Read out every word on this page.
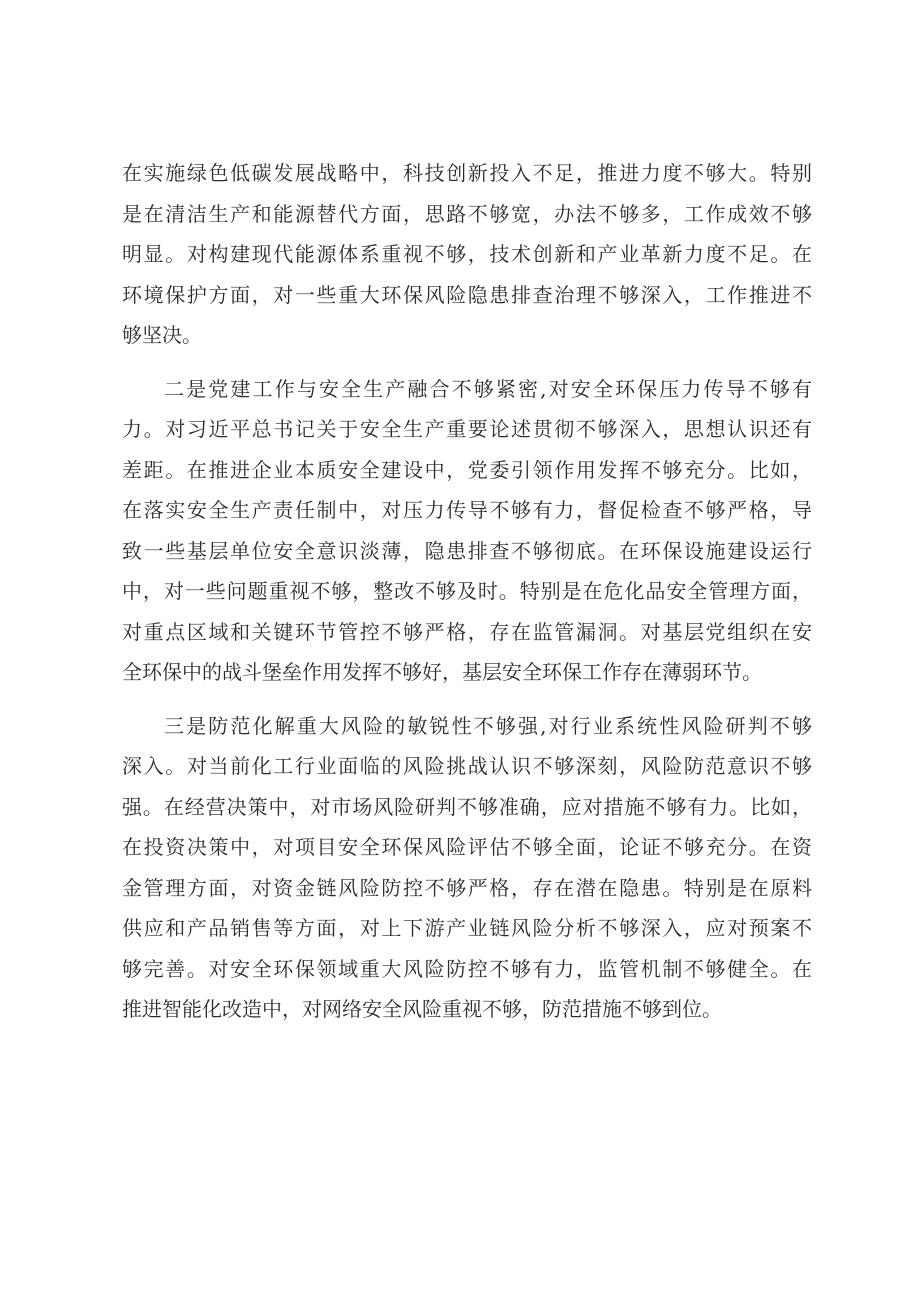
在实施绿色低碳发展战略中，科技创新投入不足，推进力度不够大。特别
是在清洁生产和能源替代方面，思路不够宽，办法不够多，工作成效不够
明显。对构建现代能源体系重视不够，技术创新和产业革新力度不足。在
环境保护方面，对一些重大环保风险隐患排查治理不够深入，工作推进不
够坚决。
二是党建工作与安全生产融合不够紧密,对安全环保压力传导不够有
力。对习近平总书记关于安全生产重要论述贯彻不够深入，思想认识还有
差距。在推进企业本质安全建设中，党委引领作用发挥不够充分。比如，
在落实安全生产责任制中，对压力传导不够有力，督促检查不够严格，导
致一些基层单位安全意识淡薄，隐患排查不够彻底。在环保设施建设运行
中，对一些问题重视不够，整改不够及时。特别是在危化品安全管理方面，
对重点区域和关键环节管控不够严格，存在监管漏洞。对基层党组织在安
全环保中的战斗堡垒作用发挥不够好，基层安全环保工作存在薄弱环节。
三是防范化解重大风险的敏锐性不够强,对行业系统性风险研判不够
深入。对当前化工行业面临的风险挑战认识不够深刻，风险防范意识不够
强。在经营决策中，对市场风险研判不够准确，应对措施不够有力。比如，
在投资决策中，对项目安全环保风险评估不够全面，论证不够充分。在资
金管理方面，对资金链风险防控不够严格，存在潜在隐患。特别是在原料
供应和产品销售等方面，对上下游产业链风险分析不够深入，应对预案不
够完善。对安全环保领域重大风险防控不够有力，监管机制不够健全。在
推进智能化改造中，对网络安全风险重视不够，防范措施不够到位。
